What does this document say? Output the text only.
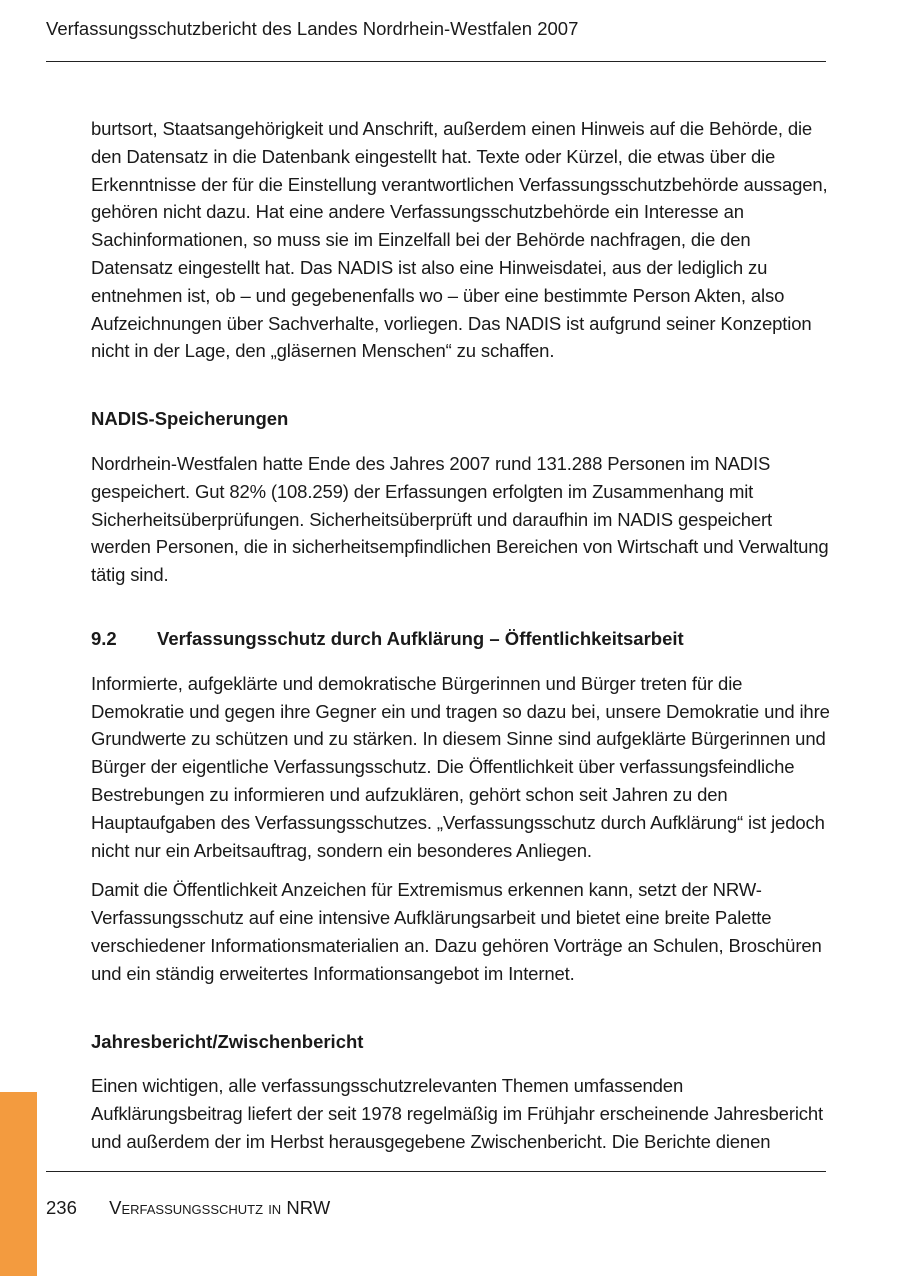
Verfassungsschutzbericht des Landes Nordrhein-Westfalen 2007

burtsort, Staatsangehörigkeit und Anschrift, außerdem einen Hinweis auf die Behörde, die den Datensatz in die Datenbank eingestellt hat. Texte oder Kürzel, die etwas über die Erkenntnisse der für die Einstellung verantwortlichen Verfassungsschutzbehörde aussagen, gehören nicht dazu. Hat eine andere Verfassungsschutzbehörde ein Interesse an Sachinformationen, so muss sie im Einzelfall bei der Behörde nachfragen, die den Datensatz eingestellt hat. Das NADIS ist also eine Hinweisdatei, aus der lediglich zu entnehmen ist, ob – und gegebenenfalls wo – über eine bestimmte Person Akten, also Aufzeichnungen über Sachverhalte, vorliegen. Das NADIS ist aufgrund seiner Konzeption nicht in der Lage, den „gläsernen Menschen“ zu schaffen.

NADIS-Speicherungen

Nordrhein-Westfalen hatte Ende des Jahres 2007 rund 131.288 Personen im NADIS gespeichert. Gut 82% (108.259) der Erfassungen erfolgten im Zusammenhang mit Sicherheitsüberprüfungen. Sicherheitsüberprüft und daraufhin im NADIS gespeichert werden Personen, die in sicherheitsempfindlichen Bereichen von Wirtschaft und Verwaltung tätig sind.

9.2	Verfassungsschutz durch Aufklärung – Öffentlichkeitsarbeit

Informierte, aufgeklärte und demokratische Bürgerinnen und Bürger treten für die Demokratie und gegen ihre Gegner ein und tragen so dazu bei, unsere Demokratie und ihre Grundwerte zu schützen und zu stärken. In diesem Sinne sind aufgeklärte Bürgerinnen und Bürger der eigentliche Verfassungsschutz. Die Öffentlichkeit über verfassungsfeindliche Bestrebungen zu informieren und aufzuklären, gehört schon seit Jahren zu den Hauptaufgaben des Verfassungsschutzes. „Verfassungsschutz durch Aufklärung“ ist jedoch nicht nur ein Arbeitsauftrag, sondern ein besonderes Anliegen.

Damit die Öffentlichkeit Anzeichen für Extremismus erkennen kann, setzt der NRW-Verfassungsschutz auf eine intensive Aufklärungsarbeit und bietet eine breite Palette verschiedener Informationsmaterialien an. Dazu gehören Vorträge an Schulen, Broschüren und ein ständig erweitertes Informationsangebot im Internet.

Jahresbericht/Zwischenbericht

Einen wichtigen, alle verfassungsschutzrelevanten Themen umfassenden Aufklärungsbeitrag liefert der seit 1978 regelmäßig im Frühjahr erscheinende Jahresbericht und außerdem der im Herbst herausgegebene Zwischenbericht. Die Berichte dienen

236 Verfassungsschutz in NRW
